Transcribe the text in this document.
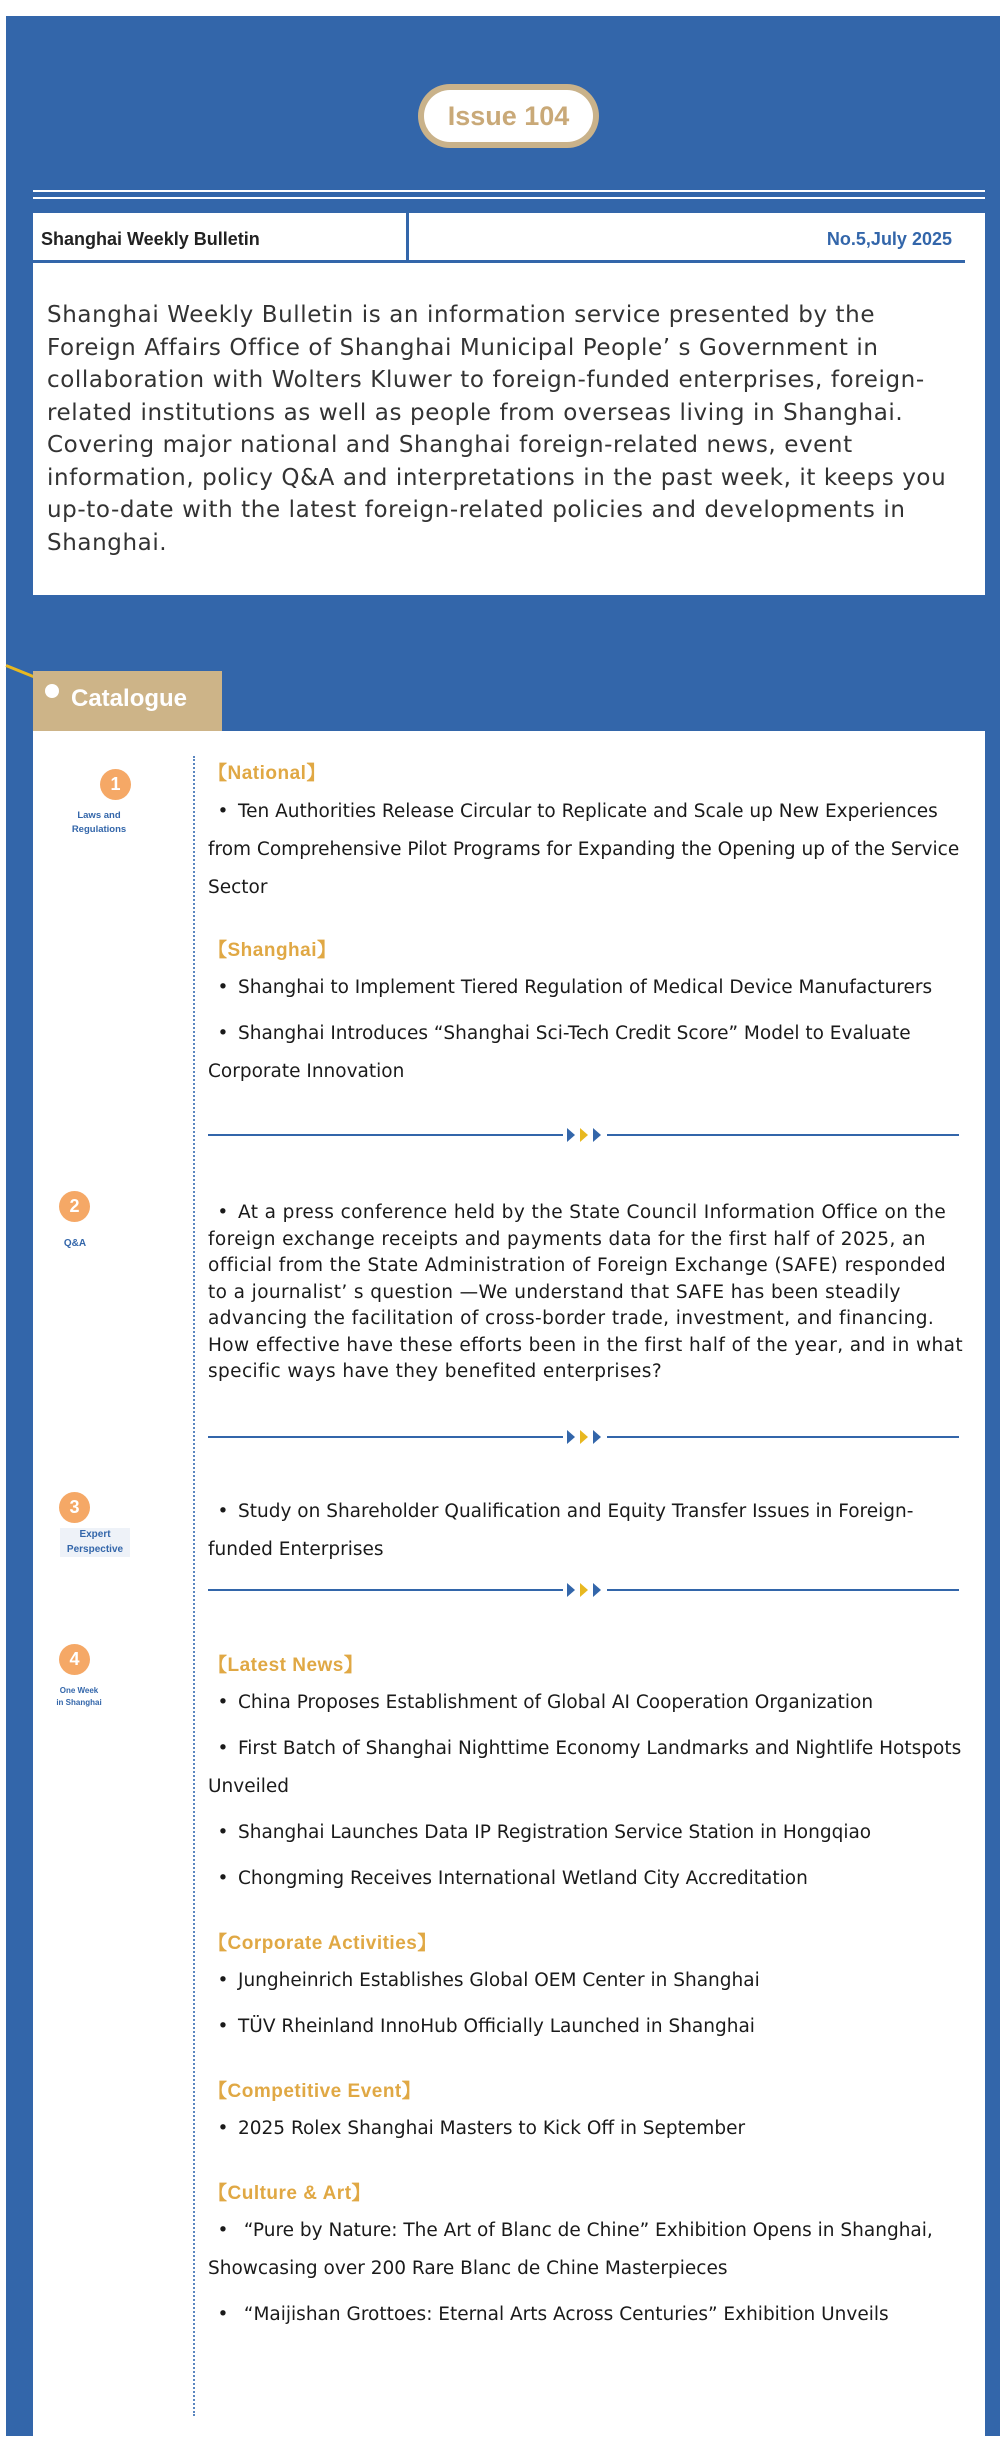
Issue 104
Shanghai Weekly Bulletin	No.5,July 2025

Shanghai Weekly Bulletin is an information service presented by the Foreign Affairs Office of Shanghai Municipal People’ s Government in collaboration with Wolters Kluwer to foreign-funded enterprises, foreign-related institutions as well as people from overseas living in Shanghai. Covering major national and Shanghai foreign-related news, event information, policy Q&A and interpretations in the past week, it keeps you up-to-date with the latest foreign-related policies and developments in Shanghai.

Catalogue
1
Laws and
Regulations
【National】
• Ten Authorities Release Circular to Replicate and Scale up New Experiences from Comprehensive Pilot Programs for Expanding the Opening up of the Service Sector
【Shanghai】
• Shanghai to Implement Tiered Regulation of Medical Device Manufacturers
• Shanghai Introduces “Shanghai Sci-Tech Credit Score” Model to Evaluate Corporate Innovation
2
Q&A
• At a press conference held by the State Council Information Office on the foreign exchange receipts and payments data for the first half of 2025, an official from the State Administration of Foreign Exchange (SAFE) responded to a journalist’ s question —We understand that SAFE has been steadily advancing the facilitation of cross-border trade, investment, and financing. How effective have these efforts been in the first half of the year, and in what specific ways have they benefited enterprises?
3
Expert
Perspective
• Study on Shareholder Qualification and Equity Transfer Issues in Foreign-funded Enterprises
4
One Week
in Shanghai
【Latest News】
• China Proposes Establishment of Global AI Cooperation Organization
• First Batch of Shanghai Nighttime Economy Landmarks and Nightlife Hotspots Unveiled
• Shanghai Launches Data IP Registration Service Station in Hongqiao
• Chongming Receives International Wetland City Accreditation
【Corporate Activities】
• Jungheinrich Establishes Global OEM Center in Shanghai
• TÜV Rheinland InnoHub Officially Launched in Shanghai
【Competitive Event】
• 2025 Rolex Shanghai Masters to Kick Off in September
【Culture & Art】
• “Pure by Nature: The Art of Blanc de Chine” Exhibition Opens in Shanghai, Showcasing over 200 Rare Blanc de Chine Masterpieces
• “Maijishan Grottoes: Eternal Arts Across Centuries” Exhibition Unveils
